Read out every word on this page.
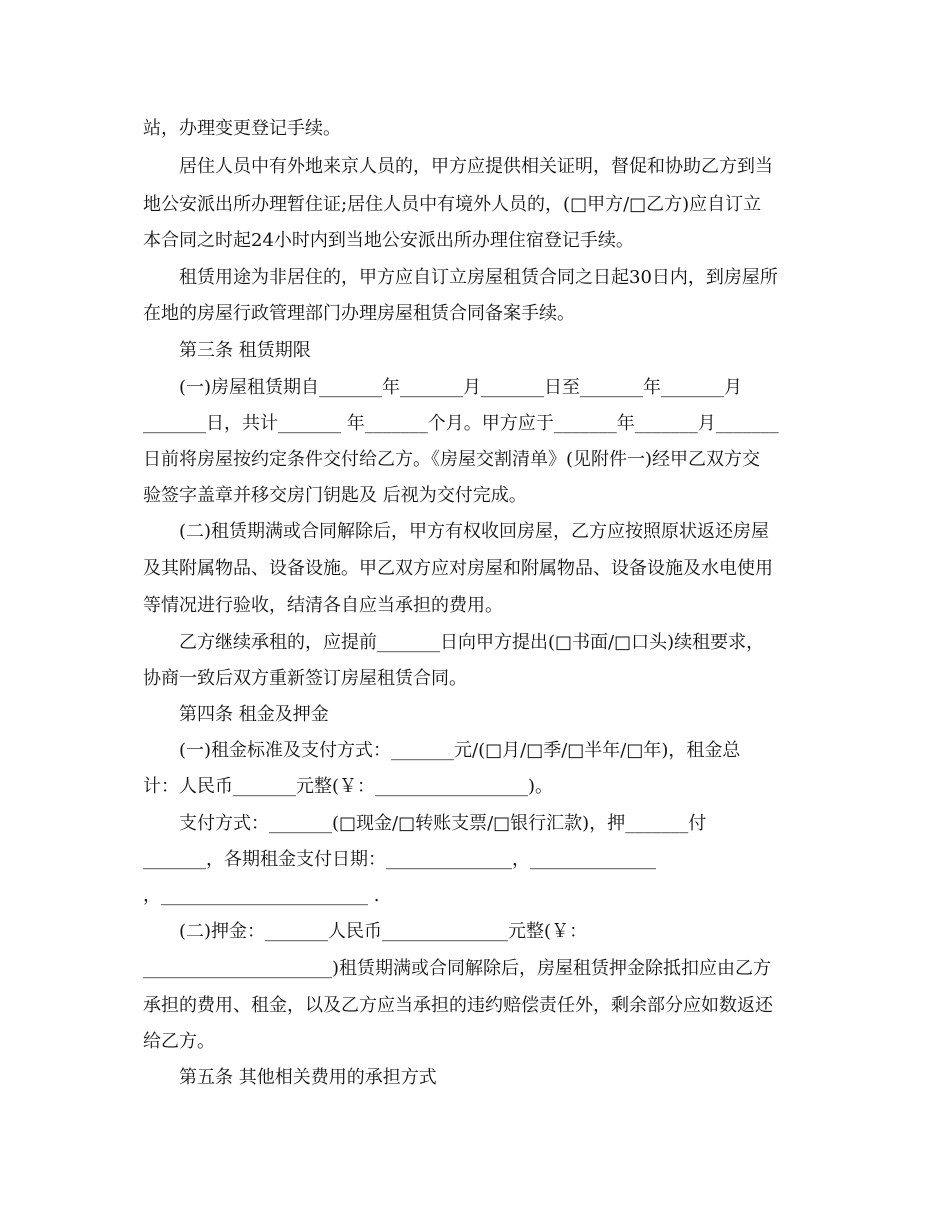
站，办理变更登记手续。
居住人员中有外地来京人员的，甲方应提供相关证明，督促和协助乙方到当
地公安派出所办理暂住证;居住人员中有境外人员的，(□甲方/□乙方)应自订立
本合同之时起24小时内到当地公安派出所办理住宿登记手续。
租赁用途为非居住的，甲方应自订立房屋租赁合同之日起30日内，到房屋所
在地的房屋行政管理部门办理房屋租赁合同备案手续。
第三条 租赁期限
(一)房屋租赁期自_______年_______月_______日至_______年_______月
_______日，共计_______ 年_______个月。甲方应于_______年_______月_______
日前将房屋按约定条件交付给乙方。《房屋交割清单》(见附件一)经甲乙双方交
验签字盖章并移交房门钥匙及 后视为交付完成。
(二)租赁期满或合同解除后，甲方有权收回房屋，乙方应按照原状返还房屋
及其附属物品、设备设施。甲乙双方应对房屋和附属物品、设备设施及水电使用
等情况进行验收，结清各自应当承担的费用。
乙方继续承租的，应提前_______日向甲方提出(□书面/□口头)续租要求，
协商一致后双方重新签订房屋租赁合同。
第四条 租金及押金
(一)租金标准及支付方式：_______元/(□月/□季/□半年/□年)，租金总
计：人民币_______元整(￥：_________________)。
支付方式：_______(□现金/□转账支票/□银行汇款)，押_______付
_______，各期租金支付日期：______________，______________
，_______________________ .
(二)押金：_______人民币______________元整(￥：
_____________________)租赁期满或合同解除后，房屋租赁押金除抵扣应由乙方
承担的费用、租金，以及乙方应当承担的违约赔偿责任外，剩余部分应如数返还
给乙方。
第五条 其他相关费用的承担方式
